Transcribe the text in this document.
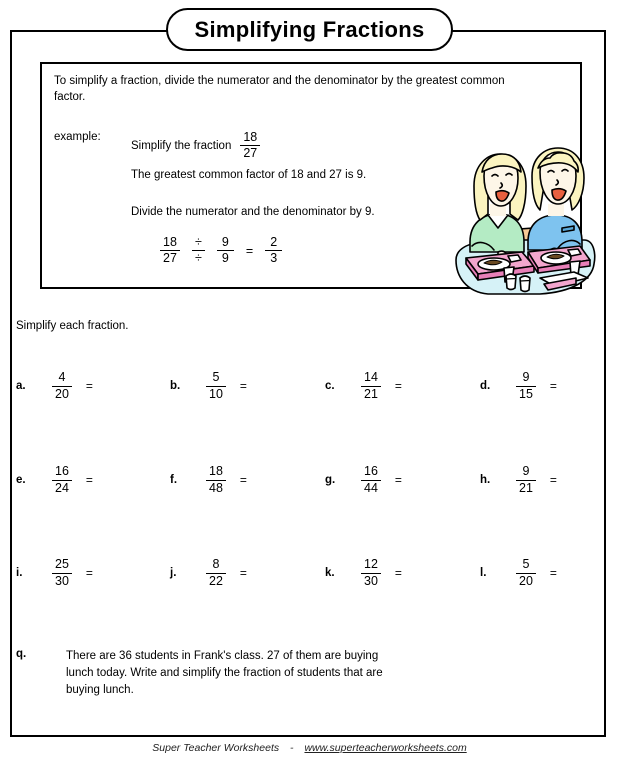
Simplifying Fractions
To simplify a fraction, divide the numerator and the denominator by the greatest common factor.
example:
Simplify the fraction $\frac{18}{27}$
The greatest common factor of 18 and 27 is 9.
Divide the numerator and the denominator by 9.
$\frac{18}{27}$ ÷
÷ $\frac{9}{9} = \frac{2}{3}$
Simplify each fraction.
a.	$\frac{4}{20}$ =	b.	$\frac{5}{10}$ =	c.	$\frac{14}{21}$ =	d.	$\frac{9}{15}$ =
e.	$\frac{16}{24}$ =	f.	$\frac{18}{48}$ =	g.	$\frac{16}{44}$ =	h.	$\frac{9}{21}$ =
i.	$\frac{25}{30}$ =	j.	$\frac{8}{22}$ =	k.	$\frac{12}{30}$ =	l.	$\frac{5}{20}$ =
q.	There are 36 students in Frank's class. 27 of them are buying lunch today. Write and simplify the fraction of students that are buying lunch.
Super Teacher Worksheets - www.superteacherworksheets.com
